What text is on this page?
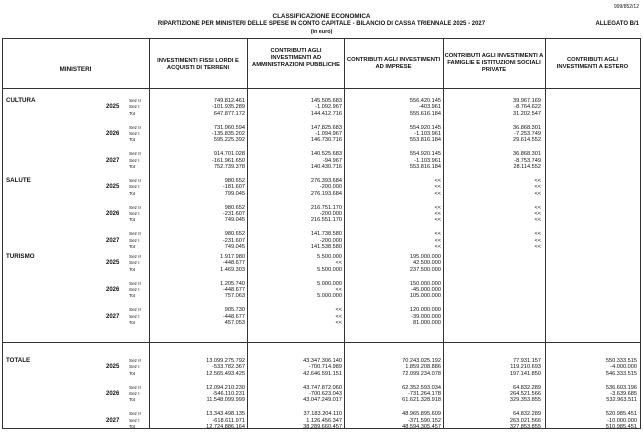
999/852/12
CLASSIFICAZIONE ECONOMICA
RIPARTIZIONE PER MINISTERI DELLE SPESE IN CONTO CAPITALE - BILANCIO DI CASSA TRIENNALE 2025 - 2027
(in euro)
ALLEGATO B/1
MINISTERI
INVESTIMENTI FISSI LORDI E ACQUISTI DI TERRENI
CONTRIBUTI AGLI INVESTIMENTI AD AMMINISTRAZIONI PUBBLICHE
CONTRIBUTI AGLI INVESTIMENTI AD IMPRESE
CONTRIBUTI AGLI INVESTIMENTI A FAMIGLIE E ISTITUZIONI SOCIALI PRIVATE
CONTRIBUTI AGLI INVESTIMENTI A ESTERO
CULTURA
2025
Sez II	749.812.461	145.505.683	556.420.145	39.967.169
Sez I	-101.935.289	-1.092.967	-403.961	-8.764.622
Tot	647.877.172	144.412.716	555.616.184	31.202.547
2026
Sez II	731.060.594	147.825.683	554.920.145	36.868.301
Sez I	-135.835.202	-1.094.967	-1.103.961	-7.253.749
Tot	595.225.392	146.730.716	553.816.184	29.614.552
2027
Sez II	914.701.028	140.525.683	554.920.145	36.868.301
Sez I	-161.961.650	-94.967	-1.103.961	-8.753.749
Tot	752.739.378	140.430.716	553.816.184	28.114.552
SALUTE
2025
Sez II	980.652	276.393.684	<<	<<
Sez I	-181.607	-200.000	<<	<<
Tot	799.045	276.193.684	<<	<<
2026
Sez II	980.652	216.751.170	<<	<<
Sez I	-231.607	-200.000	<<	<<
Tot	749.045	216.551.170	<<	<<
2027
Sez II	980.652	141.738.580	<<	<<
Sez I	-231.607	-200.000	<<	<<
Tot	749.045	141.538.580	<<	<<
TURISMO
2025
Sez II	1.917.980	5.500.000	195.000.000
Sez I	-448.677	<<	42.500.000
Tot	1.469.303	5.500.000	237.500.000
2026
Sez II	1.205.740	5.000.000	150.000.000
Sez I	-448.677	<<	-45.000.000
Tot	757.063	5.000.000	105.000.000
2027
Sez II	905.730	<<	120.000.000
Sez I	-448.677	<<	-39.000.000
Tot	457.053	<<	81.000.000
TOTALE
2025
Sez II	13.099.275.792	43.347.306.140	70.243.025.192	77.931.157	550.333.515
Sez I	-533.782.367	-700.714.989	1.859.208.886	119.210.693	-4.000.000
Tot	12.565.493.425	42.646.591.151	72.099.234.078	197.141.850	546.333.515
2026
Sez II	12.094.210.230	43.747.872.060	62.352.593.034	64.832.289	536.603.196
Sez I	-546.110.231	-700.623.043	-731.264.178	264.521.566	-3.639.685
Tot	11.548.099.999	43.047.249.017	61.621.328.918	329.353.855	532.963.511
2027
Sez II	13.343.498.135	37.183.204.110	48.965.895.609	64.832.289	520.985.451
Sez I	-618.611.971	1.126.456.347	-371.590.152	263.021.566	-10.000.000
Tot	12.724.886.164	38.289.660.457	48.594.305.457	327.853.855	510.985.451
